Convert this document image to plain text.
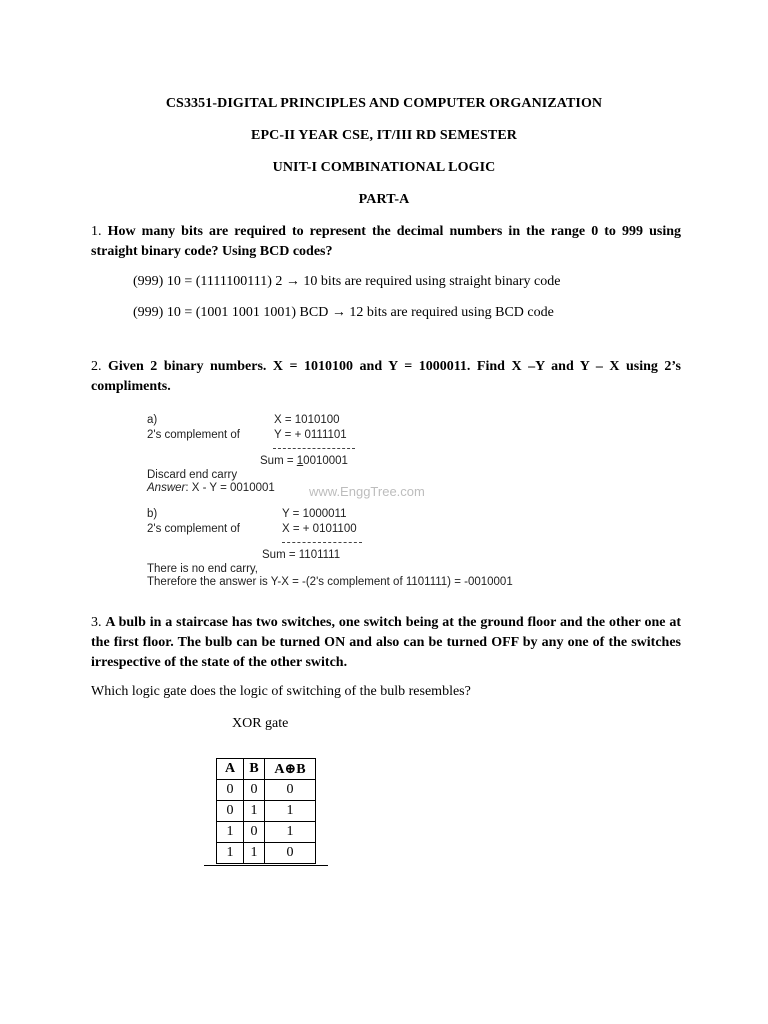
CS3351-DIGITAL PRINCIPLES AND COMPUTER ORGANIZATION
EPC-II YEAR CSE, IT/III RD SEMESTER
UNIT-I COMBINATIONAL LOGIC
PART-A
1. How many bits are required to represent the decimal numbers in the range 0 to 999 using straight binary code? Using BCD codes?
(999) 10 = (1111100111) 2 → 10 bits are required using straight binary code
(999) 10 = (1001 1001 1001) BCD → 12 bits are required using BCD code
2. Given 2 binary numbers. X = 1010100 and Y = 1000011. Find X –Y and Y – X using 2’s compliments.
a)
2's complement of
X = 1010100
Y = + 0111101
Sum = 10010001
Discard end carry
Answer: X - Y = 0010001	www.EnggTree.com
b)
2's complement of
Y = 1000011
X = + 0101100
Sum = 1101111
There is no end carry,
Therefore the answer is Y-X = -(2's complement of 1101111) = -0010001
3. A bulb in a staircase has two switches, one switch being at the ground floor and the other one at the first floor. The bulb can be turned ON and also can be turned OFF by any one of the switches irrespective of the state of the other switch.
Which logic gate does the logic of switching of the bulb resembles?
XOR gate
A	B	A⊕B
0	0	0
0	1	1
1	0	1
1	1	0
